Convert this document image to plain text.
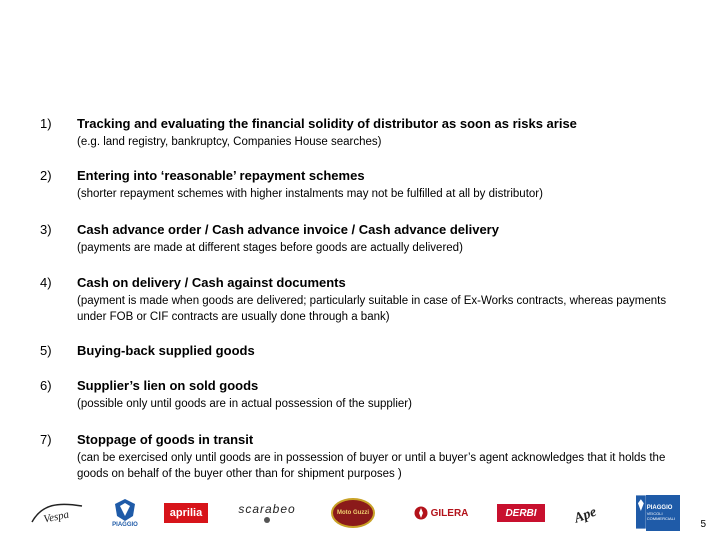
1) Tracking and evaluating the financial solidity of distributor as soon as risks arise
(e.g. land registry, bankruptcy, Companies House searches)
2) Entering into ‘reasonable’ repayment schemes
(shorter repayment schemes with higher instalments may not be fulfilled at all by distributor)
3) Cash advance order / Cash advance invoice / Cash advance delivery
(payments are made at different stages before goods are actually delivered)
4) Cash on delivery / Cash against documents
(payment is made when goods are delivered; particularly suitable in case of Ex-Works contracts, whereas payments under FOB or CIF contracts are usually done through a bank)
5) Buying-back supplied goods
6) Supplier’s lien on sold goods
(possible only until goods are in actual possession of the supplier)
7) Stoppage of goods in transit
(can be exercised only until goods are in possession of buyer or until a buyer’s agent acknowledges that it holds the goods on behalf of the buyer other than for shipment purposes )
Vespa	PIAGGIO
aprilia	scarabeo	Moto Guzzi	GILERA	DERBI	Ape	PIAGGIO
VEICOLI COMMERCIALI
5
